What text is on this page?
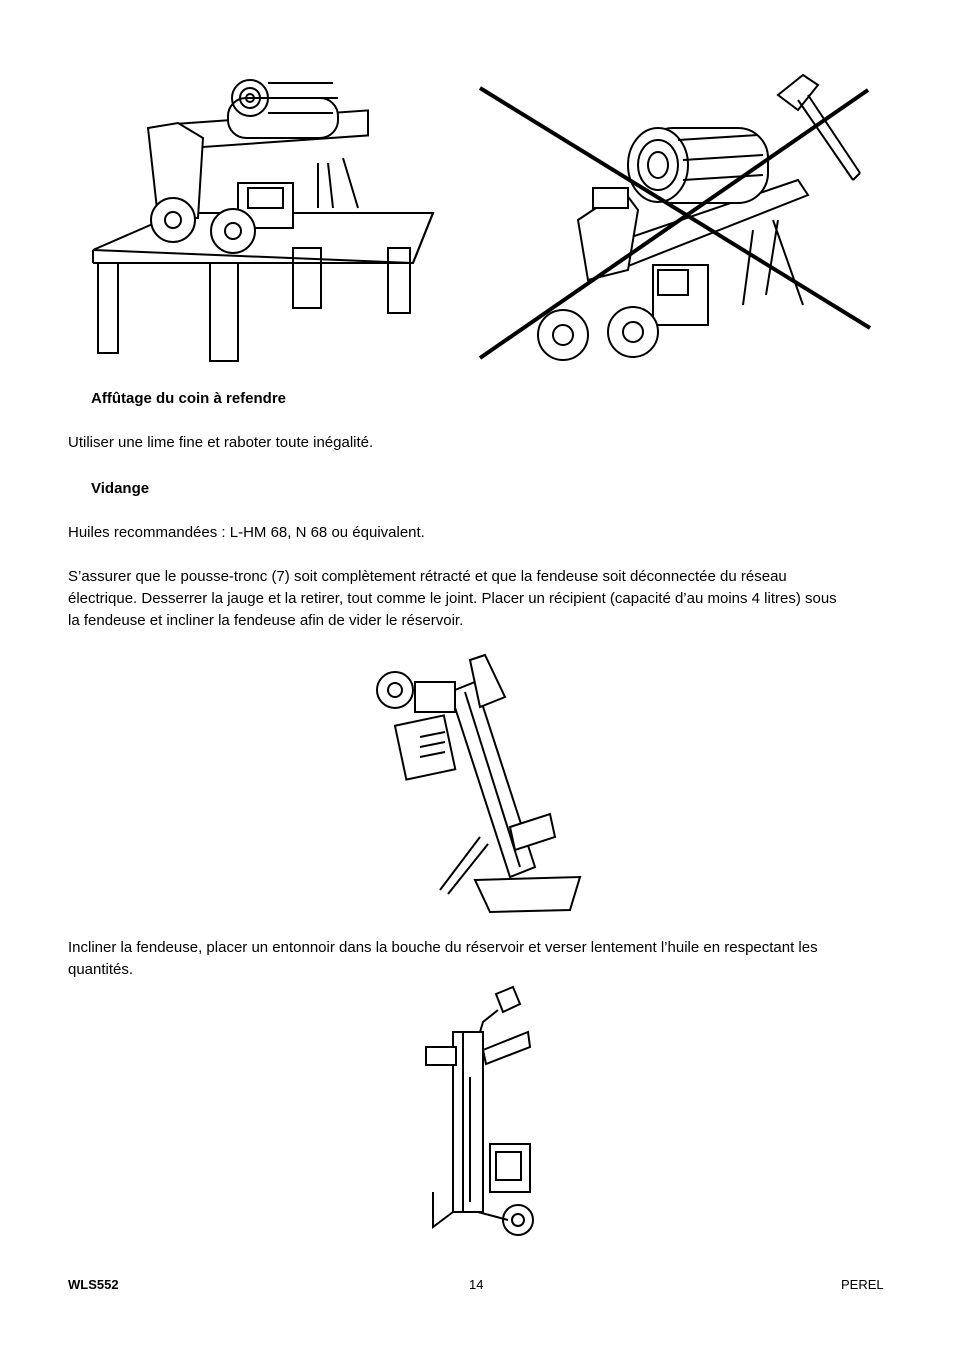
Affûtage du coin à refendre
Utiliser une lime fine et raboter toute inégalité.
Vidange
Huiles recommandées : L-HM 68, N 68 ou équivalent.
S’assurer que le pousse-tronc (7) soit complètement rétracté et que la fendeuse soit déconnectée du réseau
électrique. Desserrer la jauge et la retirer, tout comme le joint. Placer un récipient (capacité d’au moins 4 litres) sous
la fendeuse et incliner la fendeuse afin de vider le réservoir.
Incliner la fendeuse, placer un entonnoir dans la bouche du réservoir et verser lentement l’huile en respectant les
quantités.
WLS552	14	PEREL
